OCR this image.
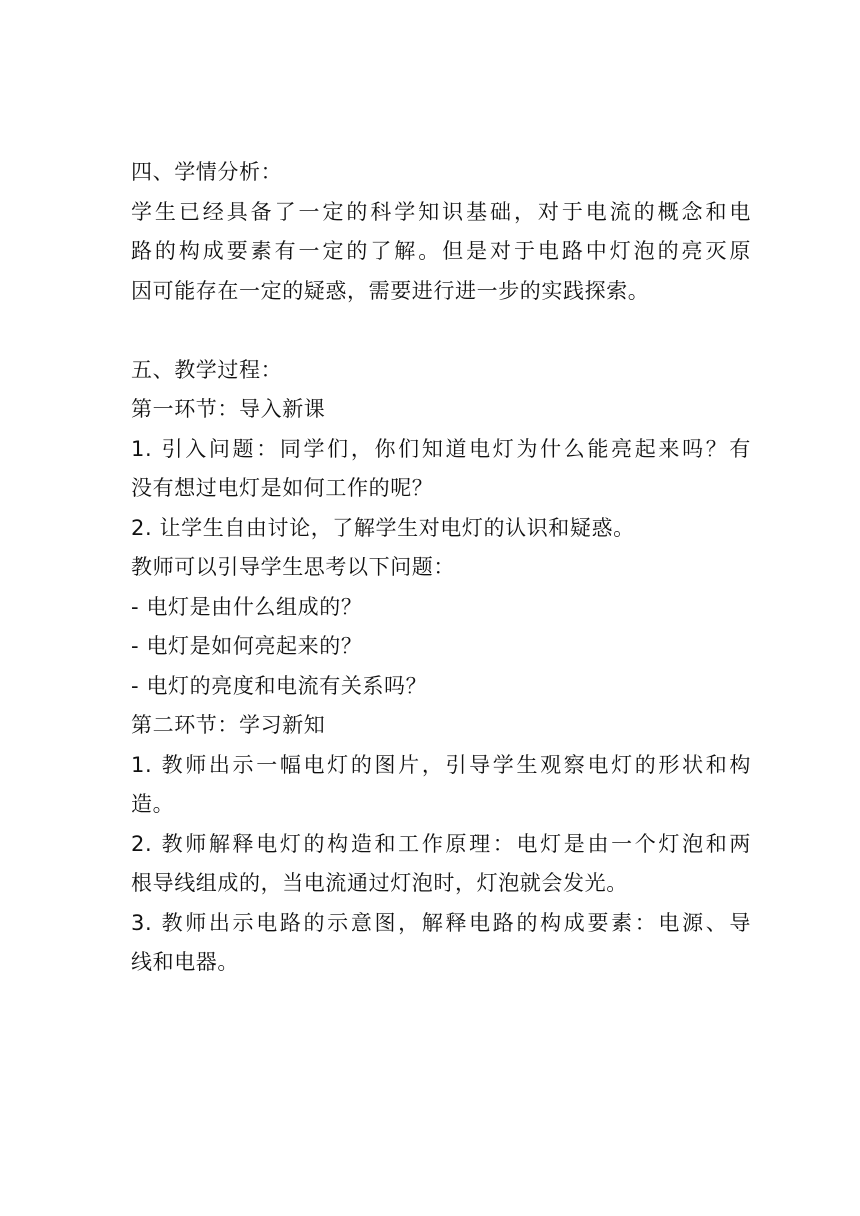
四、学情分析：
学生已经具备了一定的科学知识基础，对于电流的概念和电
路的构成要素有一定的了解。但是对于电路中灯泡的亮灭原
因可能存在一定的疑惑，需要进行进一步的实践探索。
五、教学过程：
第一环节：导入新课
1. 引入问题：同学们，你们知道电灯为什么能亮起来吗？有
没有想过电灯是如何工作的呢？
2. 让学生自由讨论，了解学生对电灯的认识和疑惑。
教师可以引导学生思考以下问题：
- 电灯是由什么组成的？
- 电灯是如何亮起来的？
- 电灯的亮度和电流有关系吗？
第二环节：学习新知
1. 教师出示一幅电灯的图片，引导学生观察电灯的形状和构
造。
2. 教师解释电灯的构造和工作原理：电灯是由一个灯泡和两
根导线组成的，当电流通过灯泡时，灯泡就会发光。
3. 教师出示电路的示意图，解释电路的构成要素：电源、导
线和电器。
